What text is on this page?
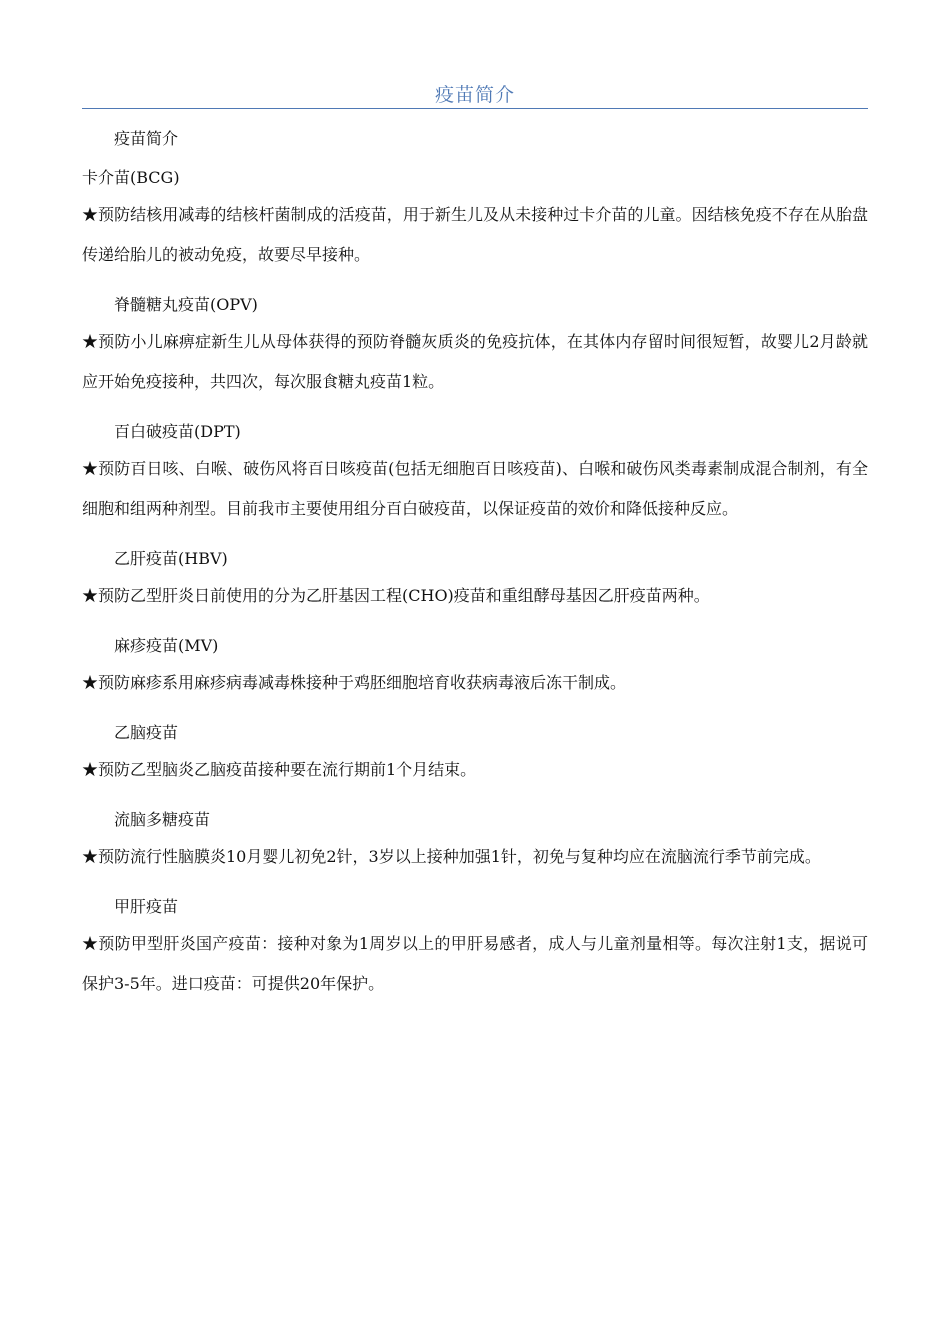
疫苗简介

疫苗简介

卡介苗(BCG)

★预防结核用减毒的结核杆菌制成的活疫苗，用于新生儿及从未接种过卡介苗的儿童。因结核免疫不存在从胎盘传递给胎儿的被动免疫，故要尽早接种。

脊髓糖丸疫苗(OPV)

★预防小儿麻痹症新生儿从母体获得的预防脊髓灰质炎的免疫抗体，在其体内存留时间很短暂，故婴儿2月龄就应开始免疫接种，共四次，每次服食糖丸疫苗1粒。

百白破疫苗(DPT)

★预防百日咳、白喉、破伤风将百日咳疫苗(包括无细胞百日咳疫苗)、白喉和破伤风类毒素制成混合制剂，有全细胞和组两种剂型。目前我市主要使用组分百白破疫苗，以保证疫苗的效价和降低接种反应。

乙肝疫苗(HBV)

★预防乙型肝炎日前使用的分为乙肝基因工程(CHO)疫苗和重组酵母基因乙肝疫苗两种。

麻疹疫苗(MV)

★预防麻疹系用麻疹病毒减毒株接种于鸡胚细胞培育收获病毒液后冻干制成。

乙脑疫苗

★预防乙型脑炎乙脑疫苗接种要在流行期前1个月结束。

流脑多糖疫苗

★预防流行性脑膜炎10月婴儿初免2针，3岁以上接种加强1针，初免与复种均应在流脑流行季节前完成。

甲肝疫苗

★预防甲型肝炎国产疫苗：接种对象为1周岁以上的甲肝易感者，成人与儿童剂量相等。每次注射1支，据说可保护3-5年。进口疫苗：可提供20年保护。
